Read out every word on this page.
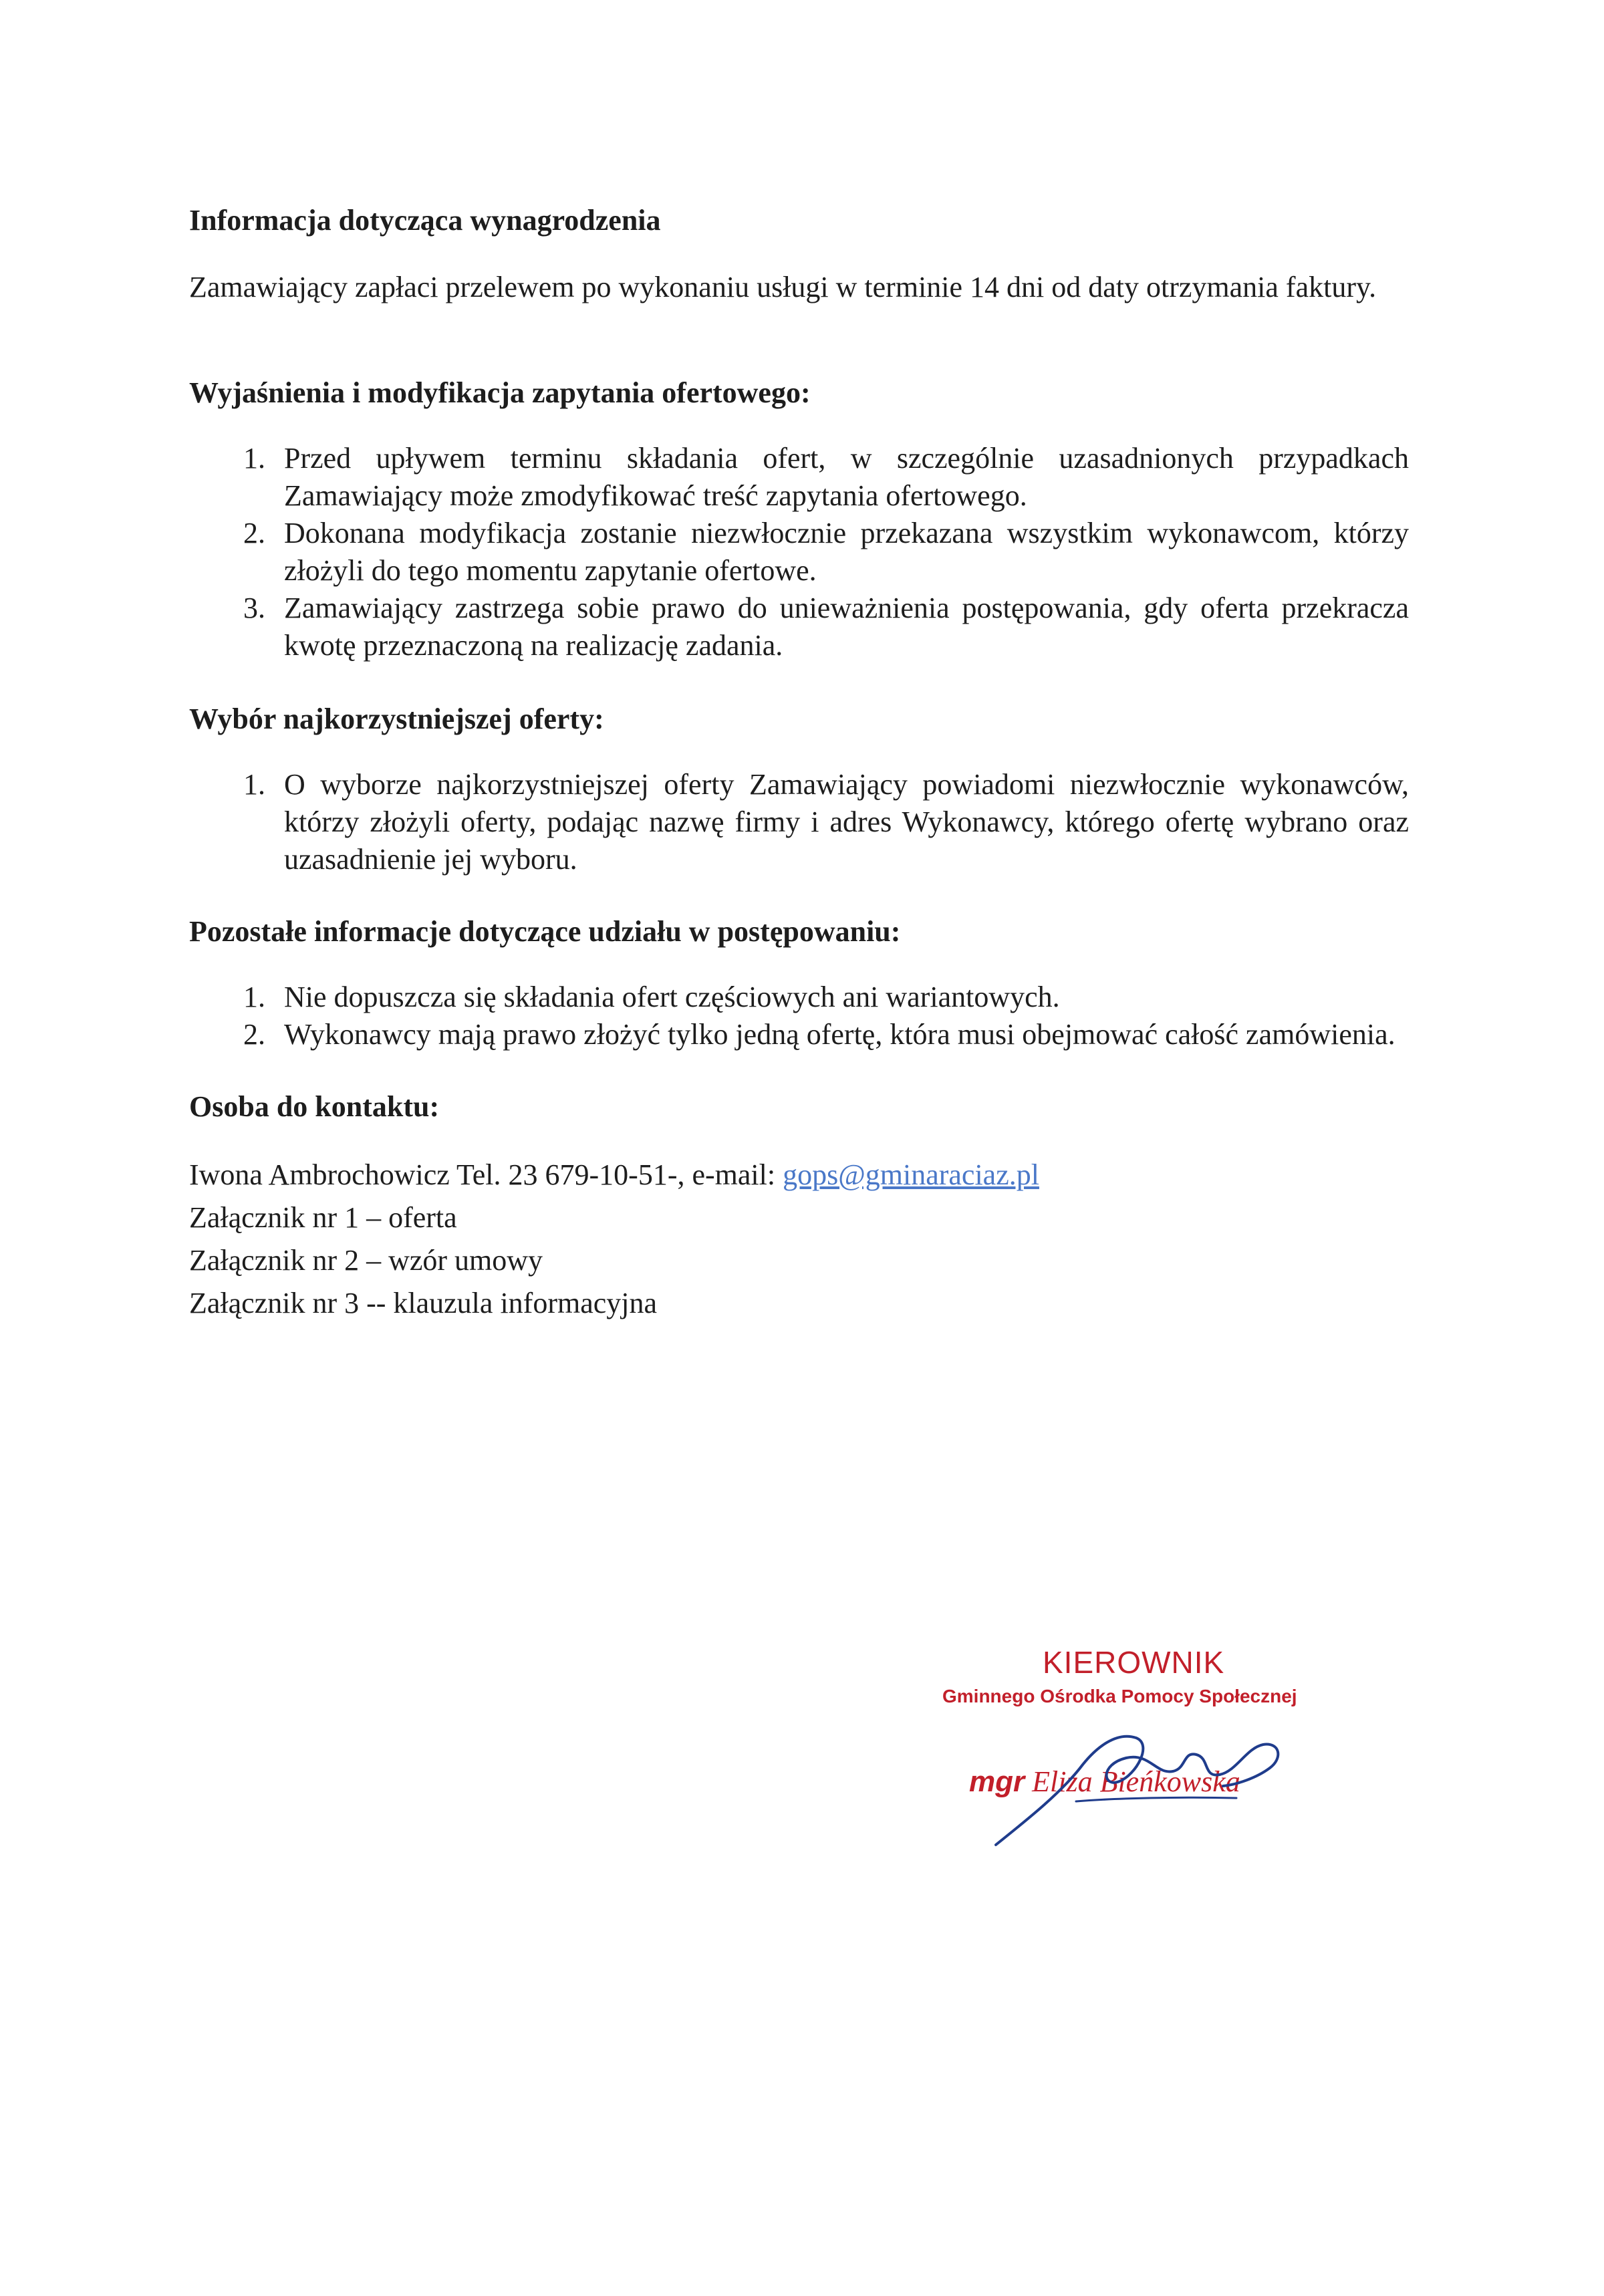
Informacja dotycząca wynagrodzenia

Zamawiający zapłaci przelewem po wykonaniu usługi w terminie 14 dni od daty otrzymania faktury.

Wyjaśnienia i modyfikacja zapytania ofertowego:
1. Przed upływem terminu składania ofert, w szczególnie uzasadnionych przypadkach Zamawiający może zmodyfikować treść zapytania ofertowego.
2. Dokonana modyfikacja zostanie niezwłocznie przekazana wszystkim wykonawcom, którzy złożyli do tego momentu zapytanie ofertowe.
3. Zamawiający zastrzega sobie prawo do unieważnienia postępowania, gdy oferta przekracza kwotę przeznaczoną na realizację zadania.
Wybór najkorzystniejszej oferty:
1. O wyborze najkorzystniejszej oferty Zamawiający powiadomi niezwłocznie wykonawców, którzy złożyli oferty, podając nazwę firmy i adres Wykonawcy, którego ofertę wybrano oraz uzasadnienie jej wyboru.
Pozostałe informacje dotyczące udziału w postępowaniu:
1. Nie dopuszcza się składania ofert częściowych ani wariantowych.
2. Wykonawcy mają prawo złożyć tylko jedną ofertę, która musi obejmować całość zamówienia.
Osoba do kontaktu:
Iwona Ambrochowicz Tel. 23 679-10-51-, e-mail: gops@gminaraciaz.pl
Załącznik nr 1 – oferta
Załącznik nr 2 – wzór umowy
Załącznik nr 3 -- klauzula informacyjna
KIEROWNIK
Gminnego Ośrodka Pomocy Społecznej
mgr Eliza Bieńkowska
